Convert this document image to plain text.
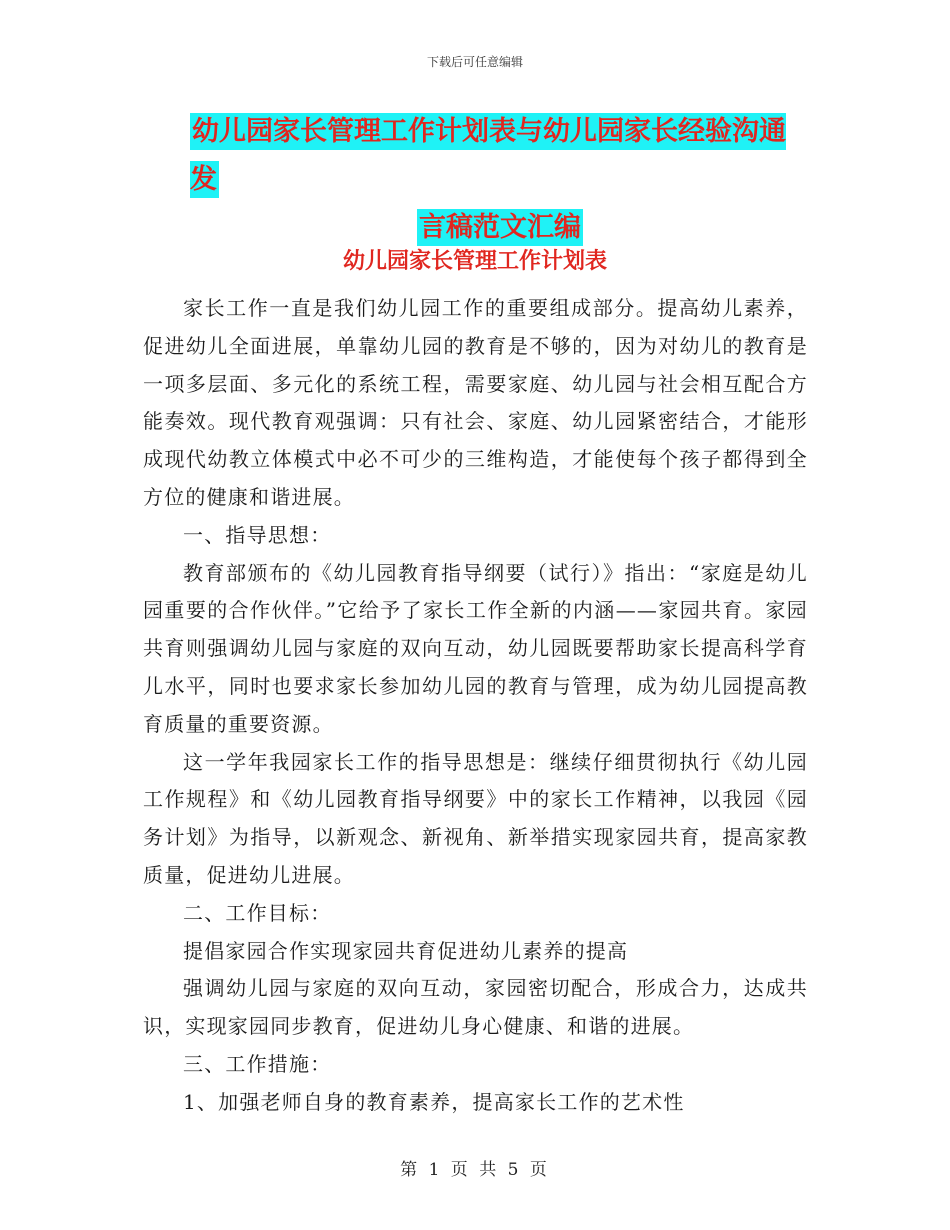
下载后可任意编辑
幼儿园家长管理工作计划表与幼儿园家长经验沟通发
言稿范文汇编
幼儿园家长管理工作计划表

家长工作一直是我们幼儿园工作的重要组成部分。提高幼儿素养，促进幼儿全面进展，单靠幼儿园的教育是不够的，因为对幼儿的教育是一项多层面、多元化的系统工程，需要家庭、幼儿园与社会相互配合方能奏效。现代教育观强调：只有社会、家庭、幼儿园紧密结合，才能形成现代幼教立体模式中必不可少的三维构造，才能使每个孩子都得到全方位的健康和谐进展。

一、指导思想：

教育部颁布的《幼儿园教育指导纲要（试行）》指出：“家庭是幼儿园重要的合作伙伴。”它给予了家长工作全新的内涵——家园共育。家园共育则强调幼儿园与家庭的双向互动，幼儿园既要帮助家长提高科学育儿水平，同时也要求家长参加幼儿园的教育与管理，成为幼儿园提高教育质量的重要资源。

这一学年我园家长工作的指导思想是：继续仔细贯彻执行《幼儿园工作规程》和《幼儿园教育指导纲要》中的家长工作精神，以我园《园务计划》为指导，以新观念、新视角、新举措实现家园共育，提高家教质量，促进幼儿进展。

二、工作目标：

提倡家园合作实现家园共育促进幼儿素养的提高

强调幼儿园与家庭的双向互动，家园密切配合，形成合力，达成共识，实现家园同步教育，促进幼儿身心健康、和谐的进展。

三、工作措施：

1、加强老师自身的教育素养，提高家长工作的艺术性

第 1 页 共 5 页
